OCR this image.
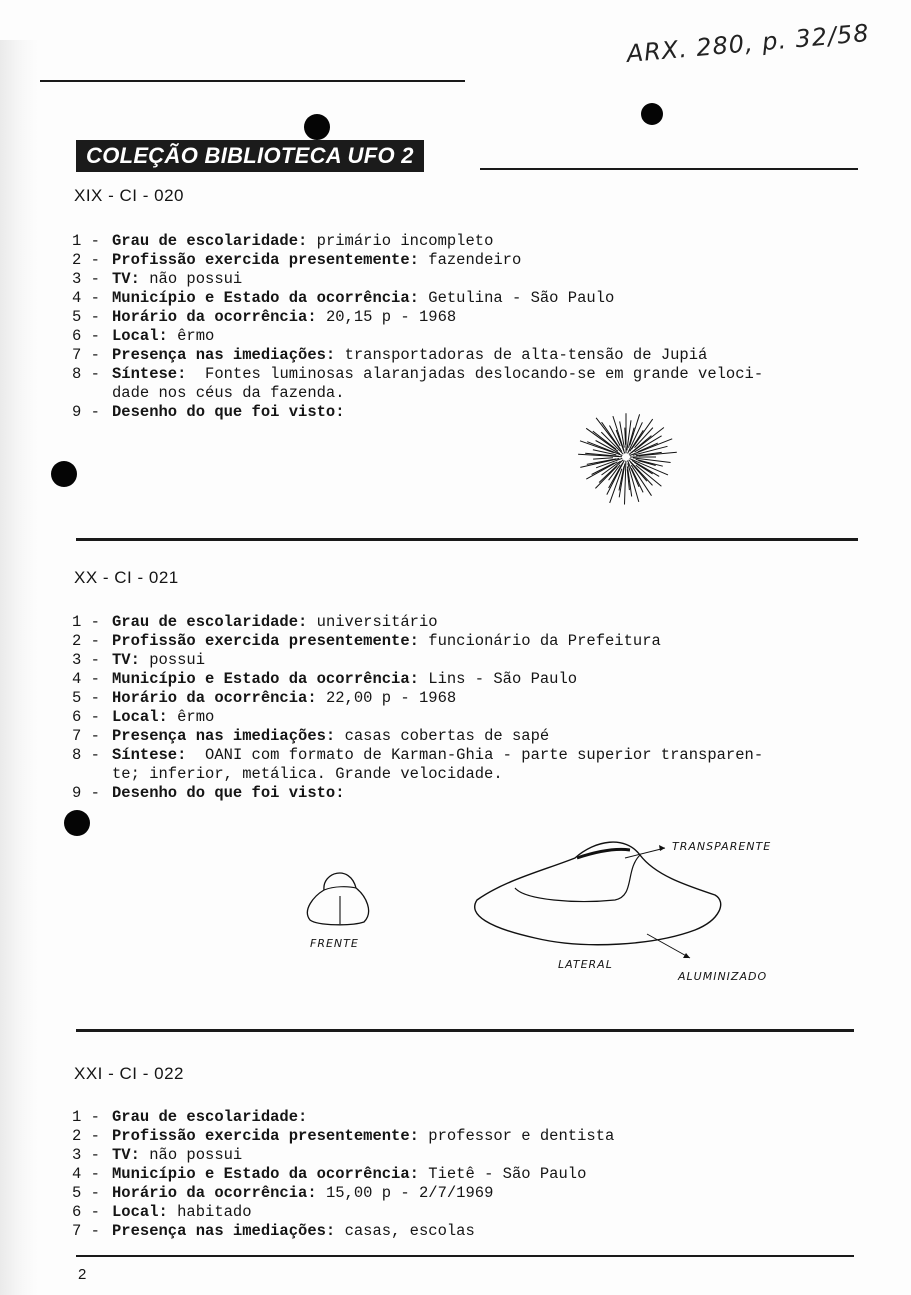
ARX. 280, p. 32/58
COLEÇÃO BIBLIOTECA UFO 2
XIX - CI - 020
1 - Grau de escolaridade: primário incompleto
2 - Profissão exercida presentemente: fazendeiro
3 - TV: não possui
4 - Município e Estado da ocorrência: Getulina - São Paulo
5 - Horário da ocorrência: 20,15 p - 1968
6 - Local: êrmo
7 - Presença nas imediações: transportadoras de alta-tensão de Jupiá
8 - Síntese:  Fontes luminosas alaranjadas deslocando-se em grande veloci-
dade nos céus da fazenda.
9 - Desenho do que foi visto:
XX - CI - 021
1 - Grau de escolaridade: universitário
2 - Profissão exercida presentemente: funcionário da Prefeitura
3 - TV: possui
4 - Município e Estado da ocorrência: Lins - São Paulo
5 - Horário da ocorrência: 22,00 p - 1968
6 - Local: êrmo
7 - Presença nas imediações: casas cobertas de sapé
8 - Síntese:  OANI com formato de Karman-Ghia - parte superior transparen-
te; inferior, metálica. Grande velocidade.
9 - Desenho do que foi visto:
FRENTE
TRANSPARENTE
LATERAL
ALUMINIZADO
XXI - CI - 022
1 - Grau de escolaridade:
2 - Profissão exercida presentemente: professor e dentista
3 - TV: não possui
4 - Município e Estado da ocorrência: Tietê - São Paulo
5 - Horário da ocorrência: 15,00 p - 2/7/1969
6 - Local: habitado
7 - Presença nas imediações: casas, escolas
2
